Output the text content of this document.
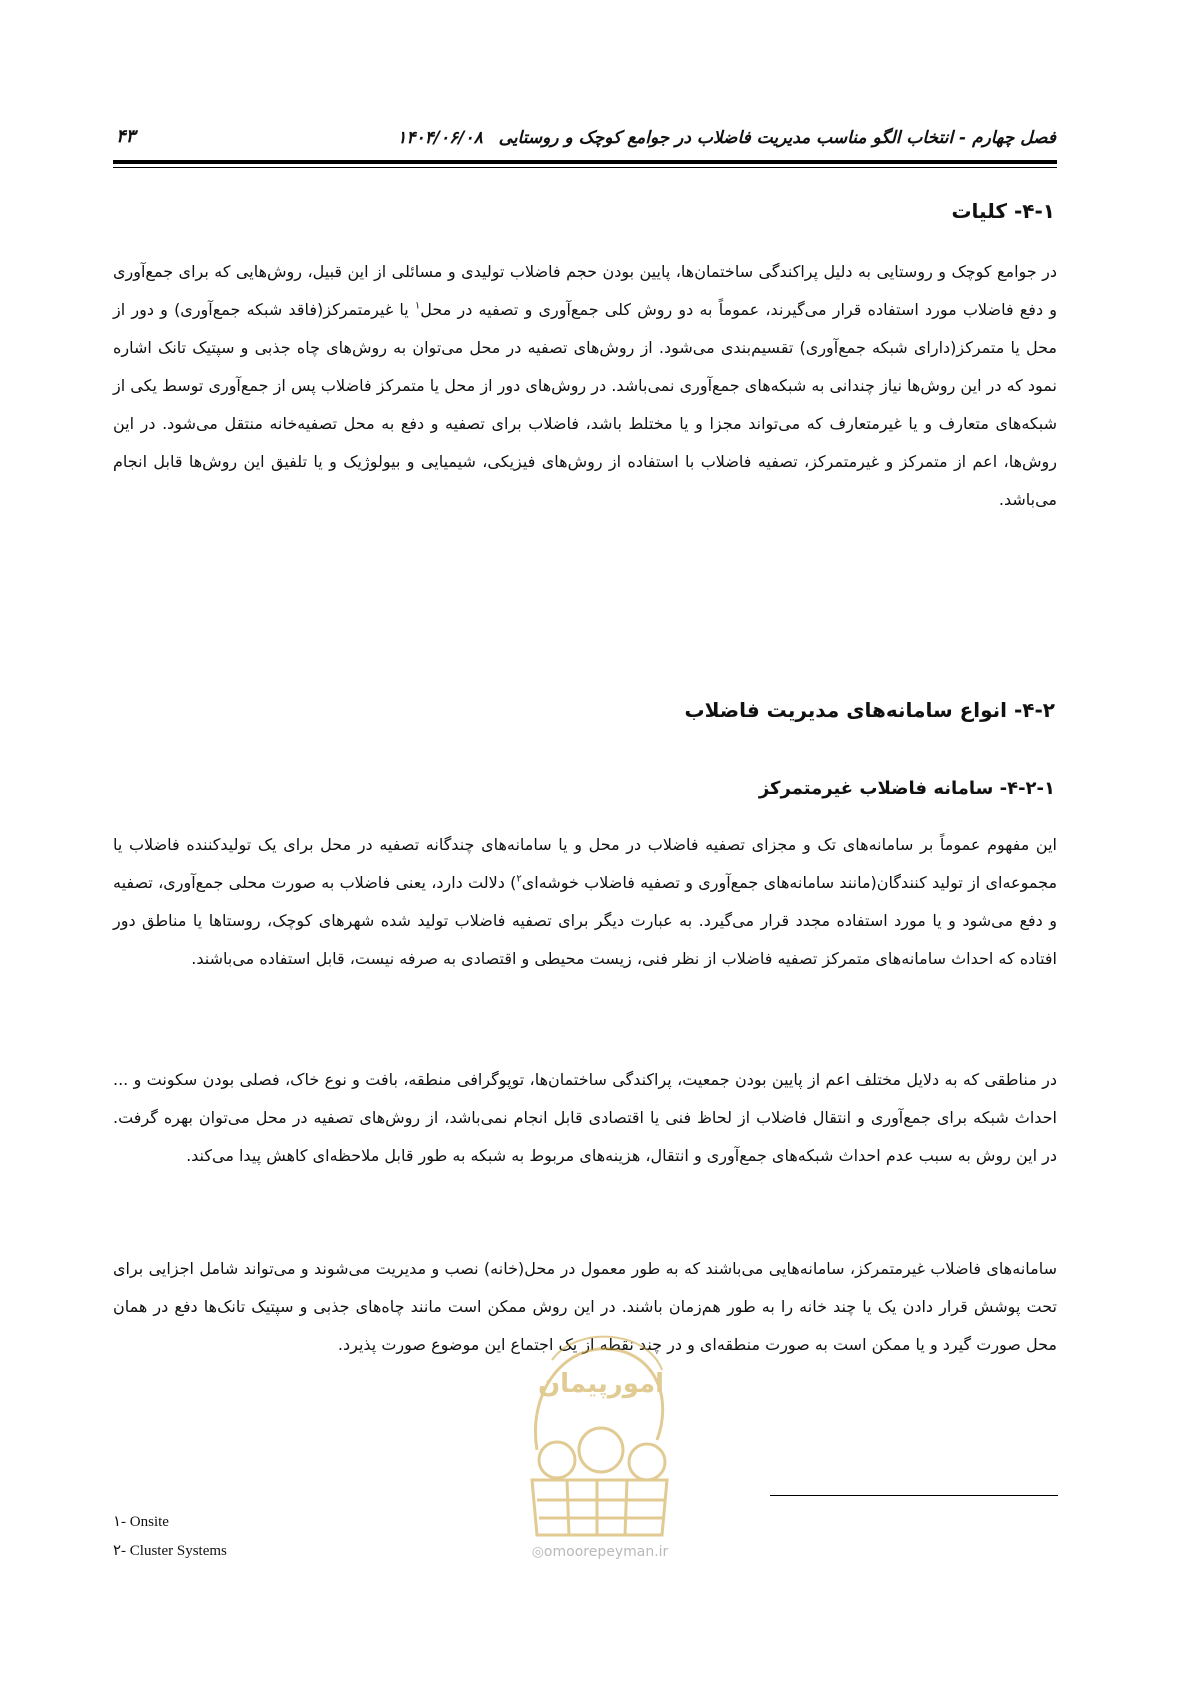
فصل چهارم - انتخاب الگو مناسب مدیریت فاضلاب در جوامع کوچک و روستایی ۱۴۰۴/۰۶/۰۸
۴۳
۴-۱- کلیات
در جوامع کوچک و روستایی به دلیل پراکندگی ساختمان‌ها، پایین بودن حجم فاضلاب تولیدی و مسائلی از این قبیل، روش‌هایی که برای جمع‌آوری و دفع فاضلاب مورد استفاده قرار می‌گیرند، عموماً به دو روش کلی جمع‌آوری و تصفیه در محل$^۱$ یا غیرمتمرکز(فاقد شبکه جمع‌آوری) و دور از محل یا متمرکز(دارای شبکه جمع‌آوری) تقسیم‌بندی می‌شود. از روش‌های تصفیه در محل می‌توان به روش‌های چاه جذبی و سپتیک تانک اشاره نمود که در این روش‌ها نیاز چندانی به شبکه‌های جمع‌آوری نمی‌باشد. در روش‌های دور از محل یا متمرکز فاضلاب پس از جمع‌آوری توسط یکی از شبکه‌های متعارف و یا غیرمتعارف که می‌تواند مجزا و یا مختلط باشد، فاضلاب برای تصفیه و دفع به محل تصفیه‌خانه منتقل می‌شود. در این روش‌ها، اعم از متمرکز و غیرمتمرکز، تصفیه فاضلاب با استفاده از روش‌های فیزیکی، شیمیایی و بیولوژیک و یا تلفیق این روش‌ها قابل انجام می‌باشد.
۴-۲- انواع سامانه‌های مدیریت فاضلاب
۴-۲-۱- سامانه فاضلاب غیرمتمرکز
این مفهوم عموماً بر سامانه‌های تک و مجزای تصفیه فاضلاب در محل و یا سامانه‌های چندگانه تصفیه در محل برای یک تولیدکننده فاضلاب یا مجموعه‌ای از تولید کنندگان(مانند سامانه‌های جمع‌آوری و تصفیه فاضلاب خوشه‌ای$^۲$) دلالت دارد، یعنی فاضلاب به صورت محلی جمع‌آوری، تصفیه و دفع می‌شود و یا مورد استفاده مجدد قرار می‌گیرد. به عبارت دیگر برای تصفیه فاضلاب تولید شده شهرهای کوچک، روستاها یا مناطق دور افتاده که احداث سامانه‌های متمرکز تصفیه فاضلاب از نظر فنی، زیست محیطی و اقتصادی به صرفه نیست، قابل استفاده می‌باشند.
در مناطقی که به دلایل مختلف اعم از پایین بودن جمعیت، پراکندگی ساختمان‌ها، توپوگرافی منطقه، بافت و نوع خاک، فصلی بودن سکونت و ... احداث شبکه برای جمع‌آوری و انتقال فاضلاب از لحاظ فنی یا اقتصادی قابل انجام نمی‌باشد، از روش‌های تصفیه در محل می‌توان بهره گرفت. در این روش به سبب عدم احداث شبکه‌های جمع‌آوری و انتقال، هزینه‌های مربوط به شبکه به طور قابل ملاحظه‌ای کاهش پیدا می‌کند.
سامانه‌های فاضلاب غیرمتمرکز، سامانه‌هایی می‌باشند که به طور معمول در محل(خانه) نصب و مدیریت می‌شوند و می‌تواند شامل اجزایی برای تحت پوشش قرار دادن یک یا چند خانه را به طور هم‌زمان باشند. در این روش ممکن است مانند چاه‌های جذبی و سپتیک تانک‌ها دفع در همان محل صورت گیرد و یا ممکن است به صورت منطقه‌ای و در چند نقطه از یک اجتماع این موضوع صورت پذیرد.
امورپیمان
◎omoorepeyman.ir
۱- Onsite
۲- Cluster Systems
